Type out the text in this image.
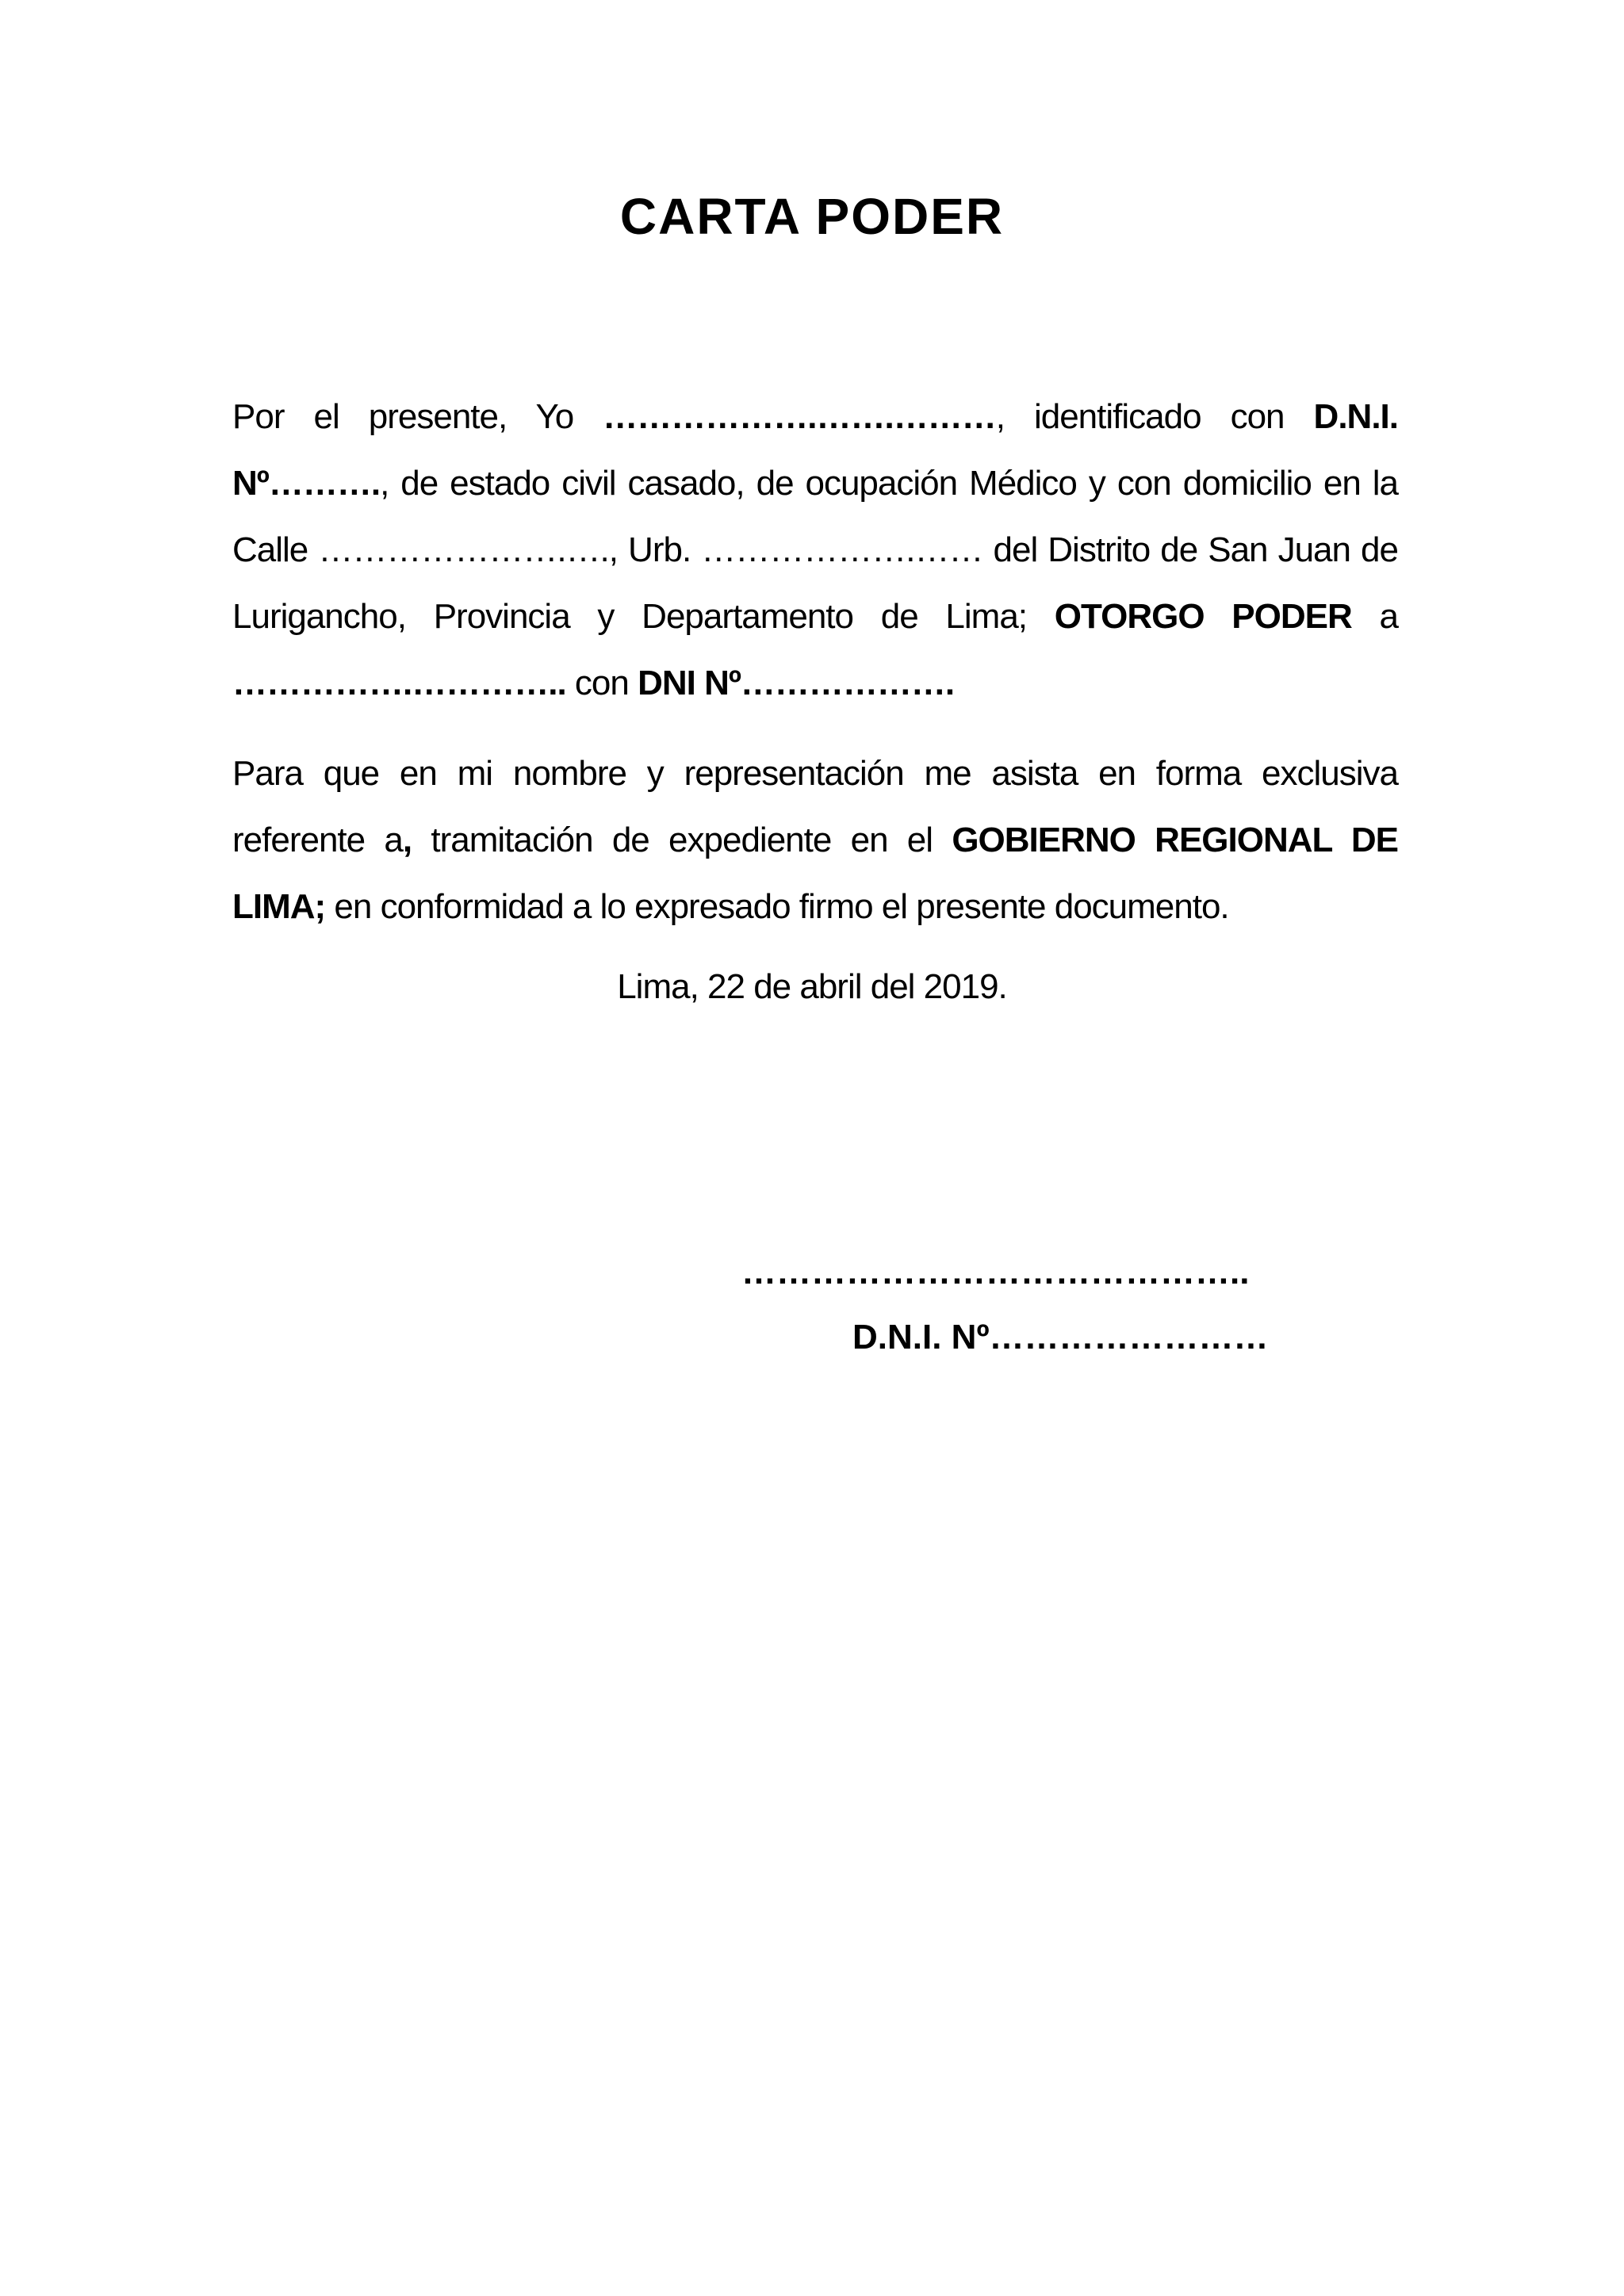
CARTA PODER
Por el presente, Yo ……………….…….………, identificado con D.N.I. Nº………., de estado civil casado, de ocupación Médico y con domicilio en la Calle ………………….…., Urb. ……………….…… del Distrito de San Juan de Lurigancho, Provincia y Departamento de Lima; OTORGO PODER a …………….………….. con DNI Nº……………….
Para que en mi nombre y representación me asista en forma exclusiva referente a, tramitación de expediente en el GOBIERNO REGIONAL DE LIMA; en conformidad a lo expresado firmo el presente documento.
Lima, 22 de abril del 2019.
……………………………………..
D.N.I. Nº……………………
